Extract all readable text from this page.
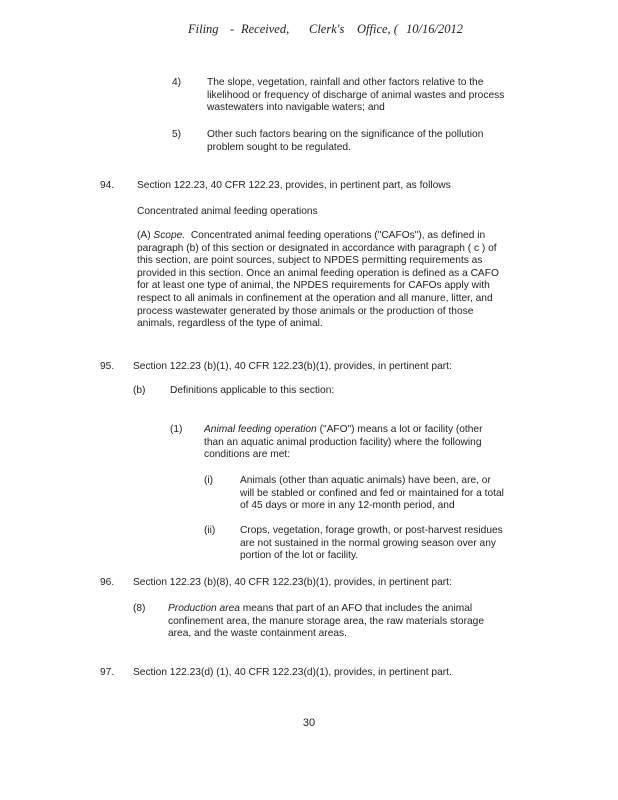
Filing - Received, Clerk's Office, ( 10/16/2012
4)	The slope, vegetation, rainfall and other factors relative to the
likelihood or frequency of discharge of animal wastes and process
wastewaters into navigable waters; and
5)	Other such factors bearing on the significance of the pollution
problem sought to be regulated.
94. Section 122.23, 40 CFR 122.23, provides, in pertinent part, as follows
Concentrated animal feeding operations
(A) Scope. Concentrated animal feeding operations ("CAFOs"), as defined in
paragraph (b) of this section or designated in accordance with paragraph ( c ) of
this section, are point sources, subject to NPDES permitting requirements as
provided in this section. Once an animal feeding operation is defined as a CAFO
for at least one type of animal, the NPDES requirements for CAFOs apply with
respect to all animals in confinement at the operation and all manure, litter, and
process wastewater generated by those animals or the production of those
animals, regardless of the type of animal.
95. Section 122.23 (b)(1), 40 CFR 122.23(b)(1), provides, in pertinent part:
(b) Definitions applicable to this section:
(1) Animal feeding operation ("AFO") means a lot or facility (other
than an aquatic animal production facility) where the following
conditions are met:
(i)	Animals (other than aquatic animals) have been, are, or
will be stabled or confined and fed or maintained for a total
of 45 days or more in any 12-month period, and
(ii) Crops, vegetation, forage growth, or post-harvest residues
are not sustained in the normal growing season over any
portion of the lot or facility.
96. Section 122.23 (b)(8), 40 CFR 122.23(b)(1), provides, in pertinent part:
(8) Production area means that part of an AFO that includes the animal
confinement area, the manure storage area, the raw materials storage
area, and the waste containment areas.
97. Section 122.23(d) (1), 40 CFR 122.23(d)(1), provides, in pertinent part.
30
